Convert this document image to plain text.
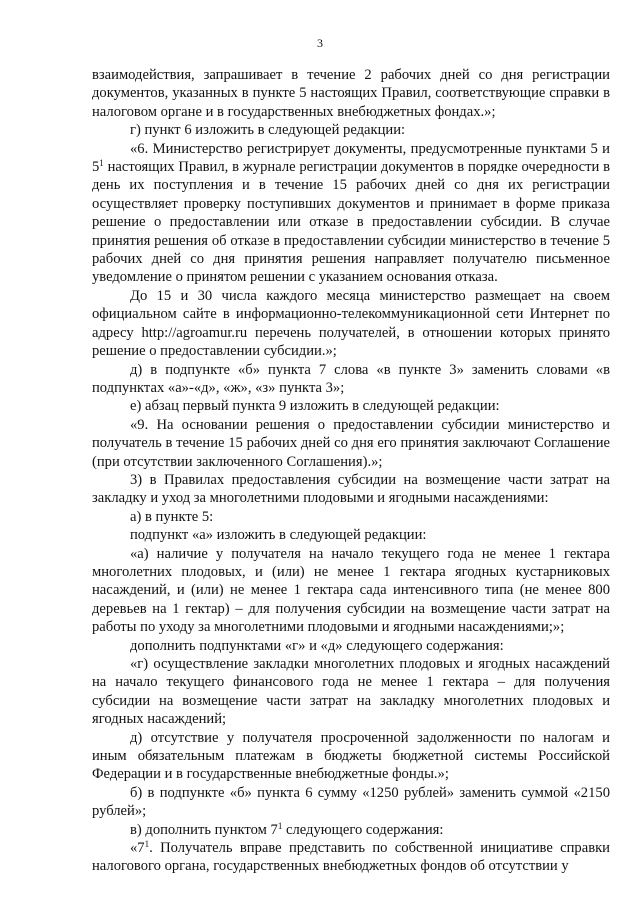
3

взаимодействия, запрашивает в течение 2 рабочих дней со дня регистрации документов, указанных в пункте 5 настоящих Правил, соответствующие справки в налоговом органе и в государственных внебюджетных фондах.»;

г) пункт 6 изложить в следующей редакции:

«6. Министерство регистрирует документы, предусмотренные пунктами 5 и $5^1$ настоящих Правил, в журнале регистрации документов в порядке очередности в день их поступления и в течение 15 рабочих дней со дня их регистрации осуществляет проверку поступивших документов и принимает в форме приказа решение о предоставлении или отказе в предоставлении субсидии. В случае принятия решения об отказе в предоставлении субсидии министерство в течение 5 рабочих дней со дня принятия решения направляет получателю письменное уведомление о принятом решении с указанием основания отказа.

До 15 и 30 числа каждого месяца министерство размещает на своем официальном сайте в информационно-телекоммуникационной сети Интернет по адресу http://agroamur.ru перечень получателей, в отношении которых принято решение о предоставлении субсидии.»;

д) в подпункте «б» пункта 7 слова «в пункте 3» заменить словами «в подпунктах «а»-«д», «ж», «з» пункта 3»;

е) абзац первый пункта 9 изложить в следующей редакции:

«9. На основании решения о предоставлении субсидии министерство и получатель в течение 15 рабочих дней со дня его принятия заключают Соглашение (при отсутствии заключенного Соглашения).»;

3) в Правилах предоставления субсидии на возмещение части затрат на закладку и уход за многолетними плодовыми и ягодными насаждениями:

а) в пункте 5:

подпункт «а» изложить в следующей редакции:

«а) наличие у получателя на начало текущего года не менее 1 гектара многолетних плодовых, и (или) не менее 1 гектара ягодных кустарниковых насаждений, и (или) не менее 1 гектара сада интенсивного типа (не менее 800 деревьев на 1 гектар) – для получения субсидии на возмещение части затрат на работы по уходу за многолетними плодовыми и ягодными насаждениями;»;

дополнить подпунктами «г» и «д» следующего содержания:

«г) осуществление закладки многолетних плодовых и ягодных насаждений на начало текущего финансового года не менее 1 гектара – для получения субсидии на возмещение части затрат на закладку многолетних плодовых и ягодных насаждений;

д) отсутствие у получателя просроченной задолженности по налогам и иным обязательным платежам в бюджеты бюджетной системы Российской Федерации и в государственные внебюджетные фонды.»;

б) в подпункте «б» пункта 6 сумму «1250 рублей» заменить суммой «2150 рублей»;

в) дополнить пунктом $7^1$ следующего содержания:

«$7^1$. Получатель вправе представить по собственной инициативе справки налогового органа, государственных внебюджетных фондов об отсутствии у
